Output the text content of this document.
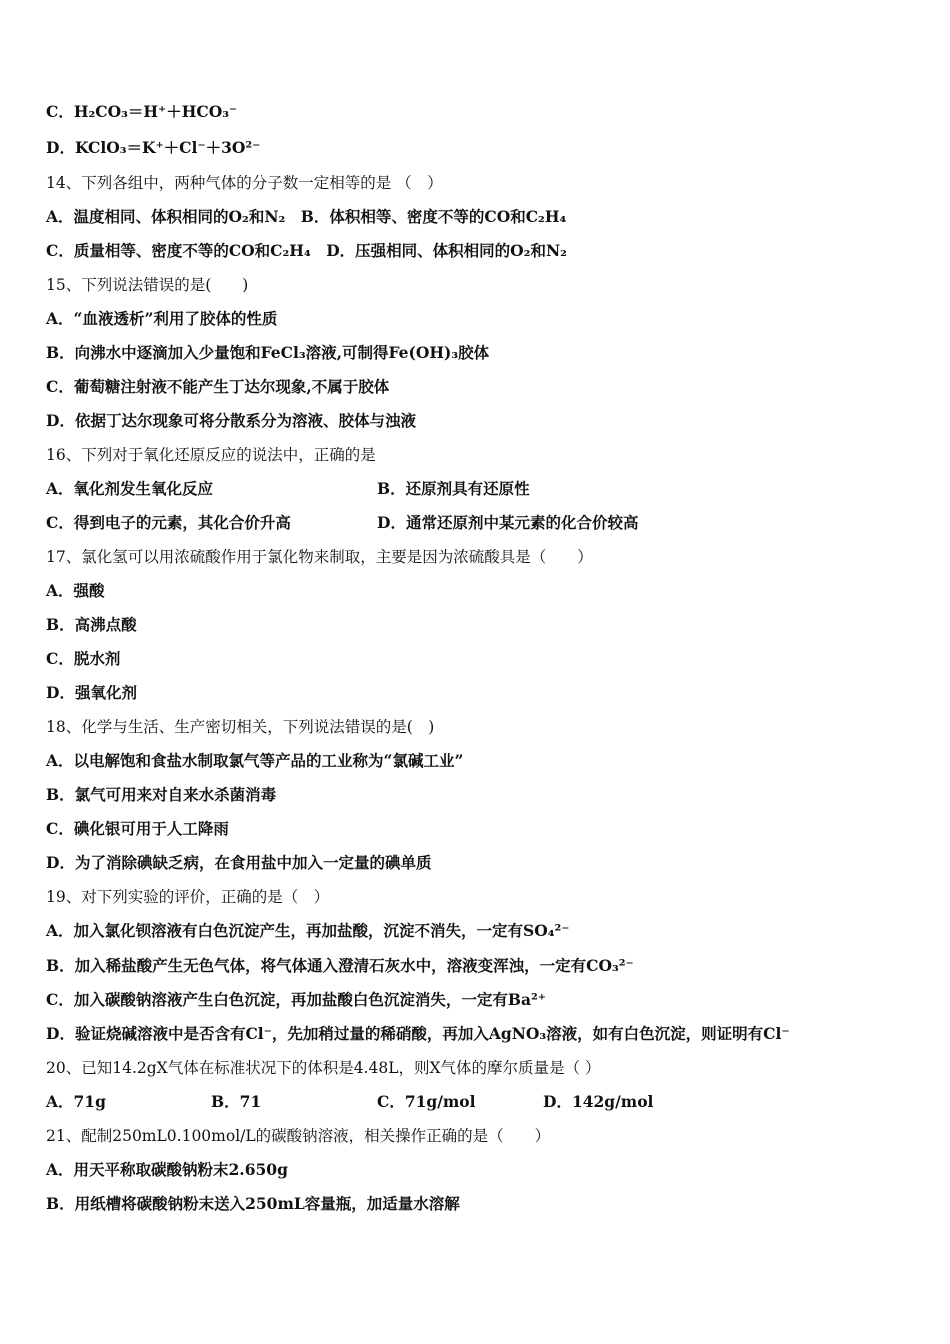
C．H₂CO₃＝H⁺＋HCO₃⁻
D．KClO₃＝K⁺＋Cl⁻＋3O²⁻
14、下列各组中，两种气体的分子数一定相等的是 （　）
A．温度相同、体积相同的O₂和N₂　B．体积相等、密度不等的CO和C₂H₄
C．质量相等、密度不等的CO和C₂H₄　D．压强相同、体积相同的O₂和N₂
15、下列说法错误的是(　　)
A．“血液透析”利用了胶体的性质
B．向沸水中逐滴加入少量饱和FeCl₃溶液,可制得Fe(OH)₃胶体
C．葡萄糖注射液不能产生丁达尔现象,不属于胶体
D．依据丁达尔现象可将分散系分为溶液、胶体与浊液
16、下列对于氧化还原反应的说法中，正确的是
A．氧化剂发生氧化反应	B．还原剂具有还原性
C．得到电子的元素，其化合价升高	D．通常还原剂中某元素的化合价较高
17、氯化氢可以用浓硫酸作用于氯化物来制取，主要是因为浓硫酸具是（　　）
A．强酸
B．高沸点酸
C．脱水剂
D．强氧化剂
18、化学与生活、生产密切相关，下列说法错误的是(　)
A．以电解饱和食盐水制取氯气等产品的工业称为“氯碱工业”
B．氯气可用来对自来水杀菌消毒
C．碘化银可用于人工降雨
D．为了消除碘缺乏病，在食用盐中加入一定量的碘单质
19、对下列实验的评价，正确的是（　）
A．加入氯化钡溶液有白色沉淀产生，再加盐酸，沉淀不消失，一定有SO₄²⁻
B．加入稀盐酸产生无色气体，将气体通入澄清石灰水中，溶液变浑浊，一定有CO₃²⁻
C．加入碳酸钠溶液产生白色沉淀，再加盐酸白色沉淀消失，一定有Ba²⁺
D．验证烧碱溶液中是否含有Cl⁻，先加稍过量的稀硝酸，再加入AgNO₃溶液，如有白色沉淀，则证明有Cl⁻
20、已知14.2gX气体在标准状况下的体积是4.48L，则X气体的摩尔质量是（ ）
A．71g	B．71	C．71g/mol	D．142g/mol
21、配制250mL0.100mol/L的碳酸钠溶液，相关操作正确的是（　　）
A．用天平称取碳酸钠粉末2.650g
B．用纸槽将碳酸钠粉末送入250mL容量瓶，加适量水溶解
